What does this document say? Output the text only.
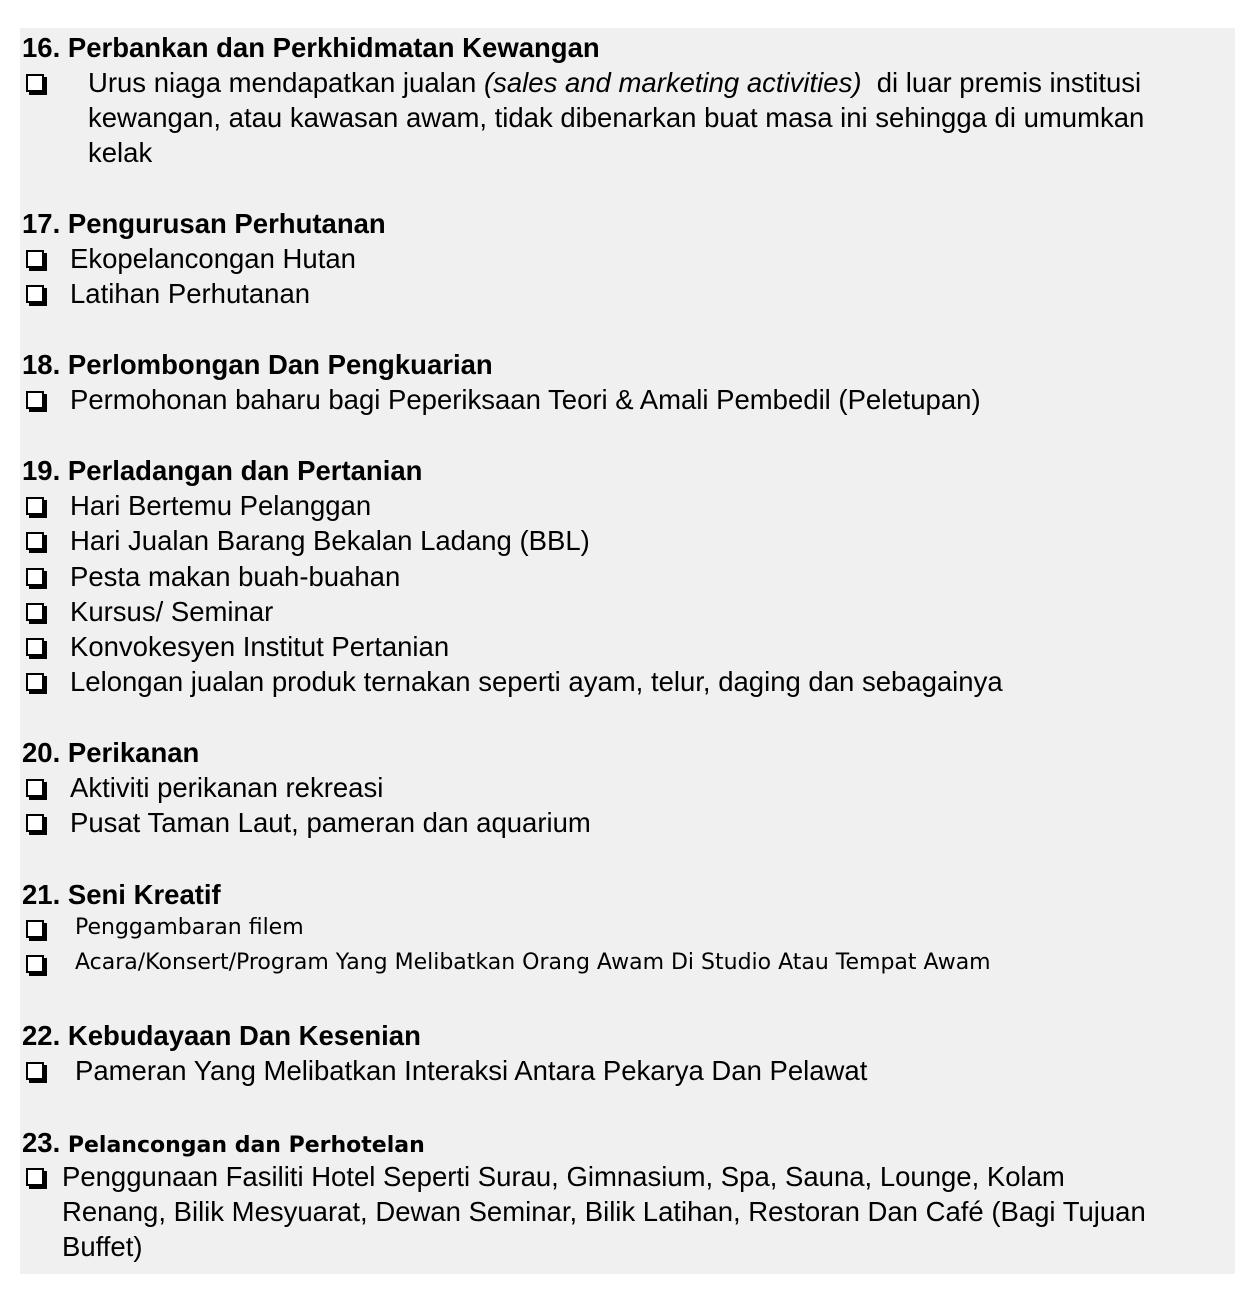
16. Perbankan dan Perkhidmatan Kewangan
Urus niaga mendapatkan jualan (sales and marketing activities)  di luar premis institusi
kewangan, atau kawasan awam, tidak dibenarkan buat masa ini sehingga di umumkan
kelak
17. Pengurusan Perhutanan
Ekopelancongan Hutan
Latihan Perhutanan
18. Perlombongan Dan Pengkuarian
Permohonan baharu bagi Peperiksaan Teori & Amali Pembedil (Peletupan)
19. Perladangan dan Pertanian
Hari Bertemu Pelanggan
Hari Jualan Barang Bekalan Ladang (BBL)
Pesta makan buah-buahan
Kursus/ Seminar
Konvokesyen Institut Pertanian
Lelongan jualan produk ternakan seperti ayam, telur, daging dan sebagainya
20. Perikanan
Aktiviti perikanan rekreasi
Pusat Taman Laut, pameran dan aquarium
21. Seni Kreatif
Penggambaran filem
Acara/Konsert/Program Yang Melibatkan Orang Awam Di Studio Atau Tempat Awam
22. Kebudayaan Dan Kesenian
Pameran Yang Melibatkan Interaksi Antara Pekarya Dan Pelawat
23. Pelancongan dan Perhotelan
Penggunaan Fasiliti Hotel Seperti Surau, Gimnasium, Spa, Sauna, Lounge, Kolam
Renang, Bilik Mesyuarat, Dewan Seminar, Bilik Latihan, Restoran Dan Café (Bagi Tujuan
Buffet)
